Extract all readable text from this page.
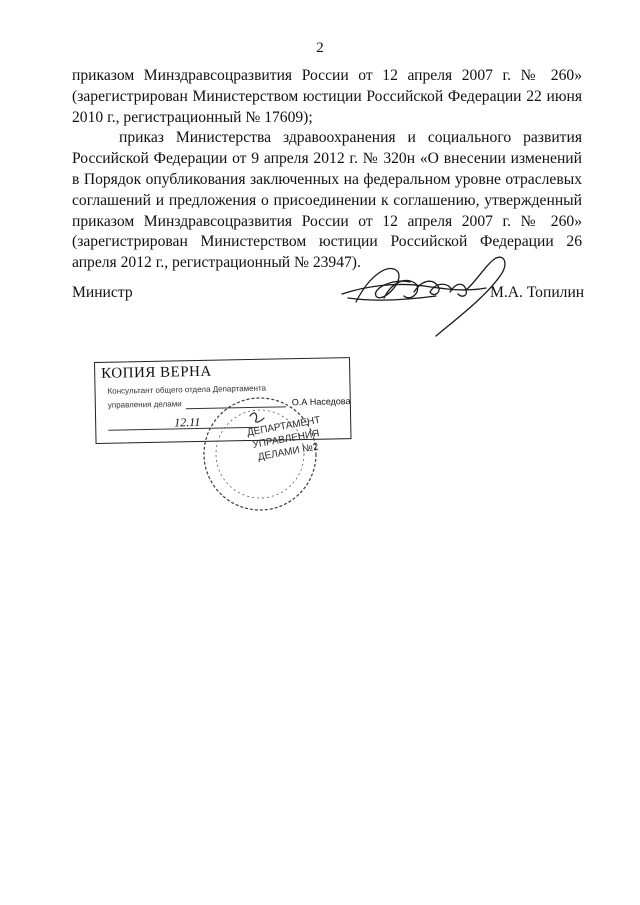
2

приказом Минздравсоцразвития России от 12 апреля 2007 г. № 260» (зарегистрирован Министерством юстиции Российской Федерации 22 июня 2010 г., регистрационный № 17609);

приказ Министерства здравоохранения и социального развития Российской Федерации от 9 апреля 2012 г. № 320н «О внесении изменений в Порядок опубликования заключенных на федеральном уровне отраслевых соглашений и предложения о присоединении к соглашению, утвержденный приказом Минздравсоцразвития России от 12 апреля 2007 г. № 260» (зарегистрирован Министерством юстиции Российской Федерации 26 апреля 2012 г., регистрационный № 23947).

Министр	М.А. Топилин
КОПИЯ ВЕРНА
Консультант общего отдела Департамента
управления делами	О.А Наседова
12.11	ДЕПАРТАМЕНТ УПРАВЛЕНИЯ ДЕЛАМИ №2
